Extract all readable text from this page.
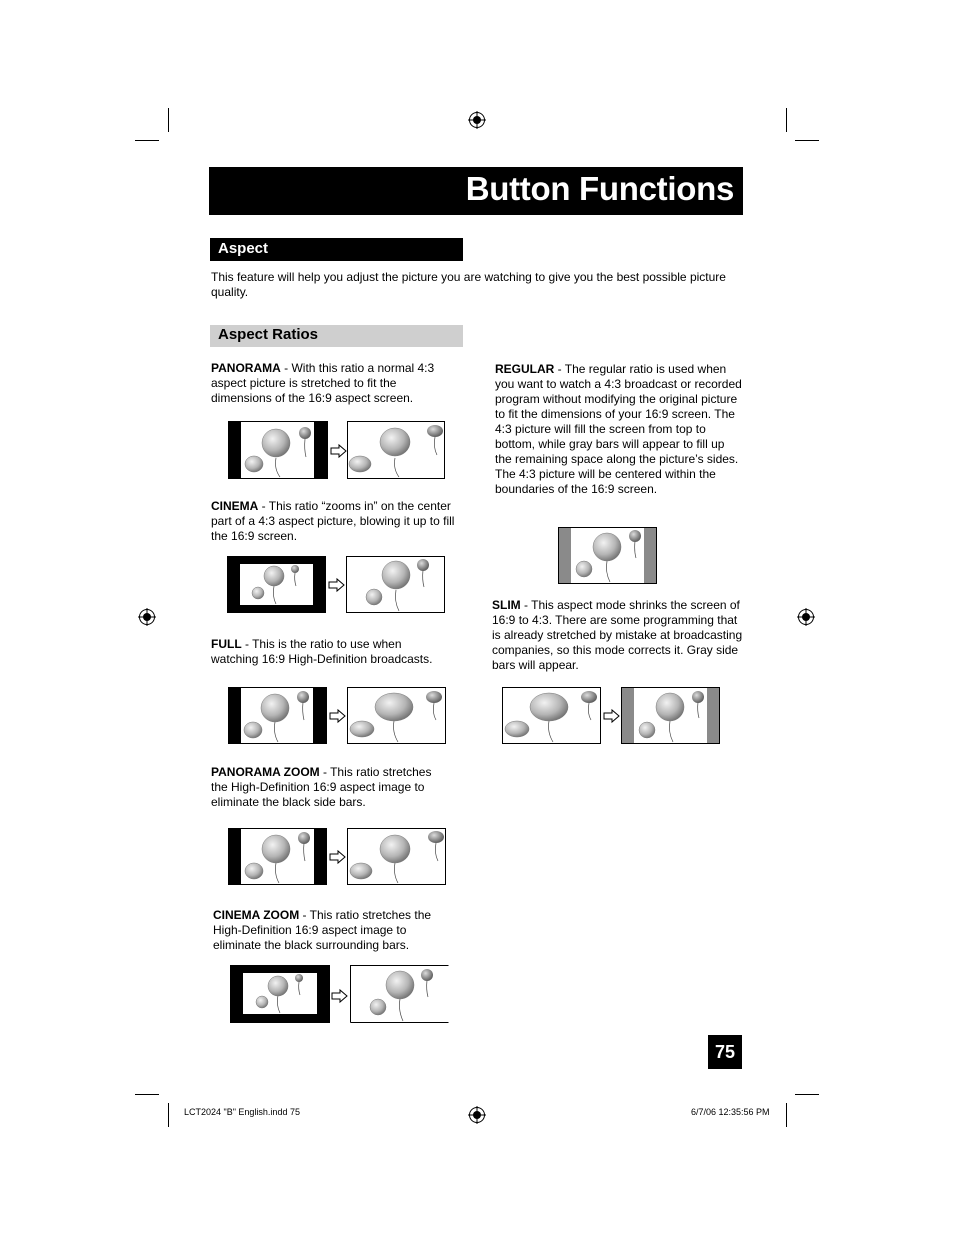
Button Functions
Aspect
This feature will help you adjust the picture you are watching to give you the best possible picture quality.
Aspect Ratios
PANORAMA - With this ratio a normal 4:3 aspect picture is stretched to fit the dimensions of the 16:9 aspect screen.
CINEMA - This ratio “zooms in” on the center part of a 4:3 aspect picture, blowing it up to fill the 16:9 screen.
FULL - This is the ratio to use when watching 16:9 High-Definition broadcasts.
PANORAMA ZOOM - This ratio stretches the High-Definition 16:9 aspect image to eliminate the black side bars.
CINEMA ZOOM - This ratio stretches the High-Definition 16:9 aspect image to eliminate the black surrounding bars.
REGULAR - The regular ratio is used when you want to watch a 4:3 broadcast or recorded program without modifying the original picture to fit the dimensions of your 16:9 screen. The 4:3 picture will fill the screen from top to bottom, while gray bars will appear to fill up the remaining space along the picture’s sides. The 4:3 picture will be centered within the boundaries of the 16:9 screen.
SLIM - This aspect mode shrinks the screen of 16:9 to 4:3. There are some programming that is already stretched by mistake at broadcasting companies, so this mode corrects it. Gray side bars will appear.
75
LCT2024 "B" English.indd 75	6/7/06 12:35:56 PM
